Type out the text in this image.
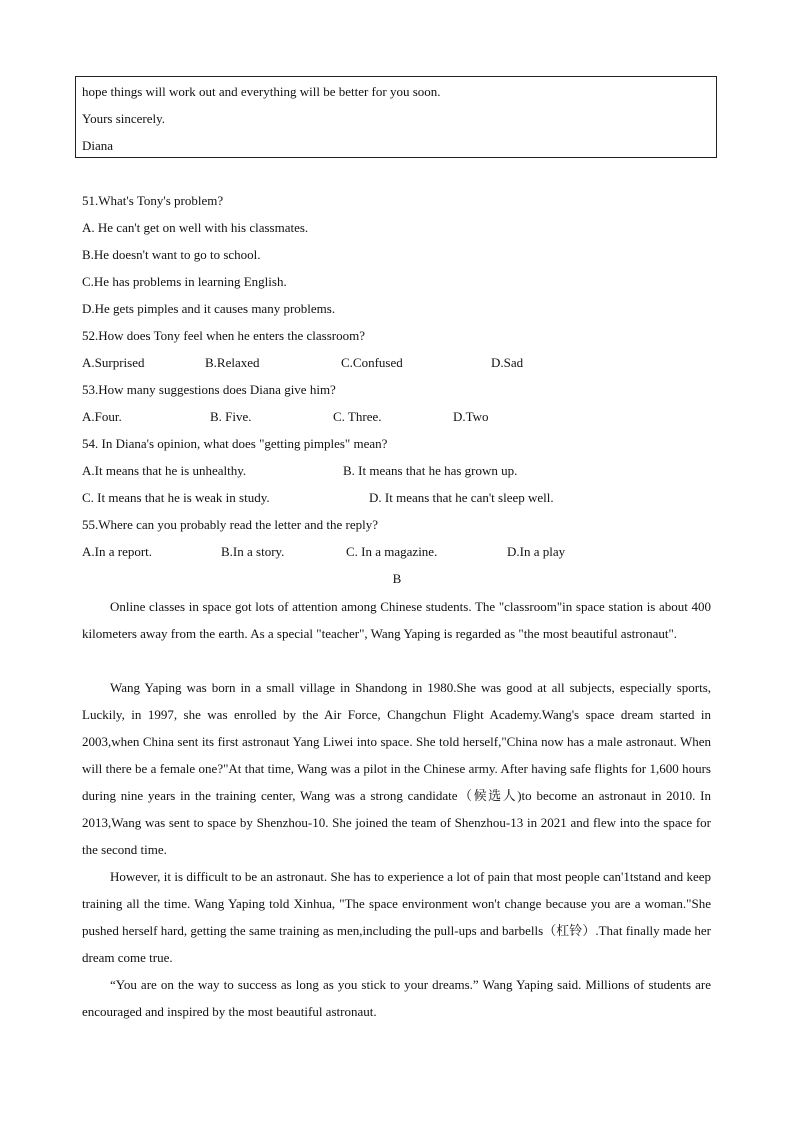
hope things will work out and everything will be better for you soon.
Yours sincerely.
Diana
51.What's Tony's problem?
A. He can't get on well with his classmates.
B.He doesn't want to go to school.
C.He has problems in learning English.
D.He gets pimples and it causes many problems.
52.How does Tony feel when he enters the classroom?
A.Surprised	B.Relaxed	C.Confused	D.Sad
53.How many suggestions does Diana give him?
A.Four.	B. Five.	C. Three.	D.Two
54. In Diana's opinion, what does "getting pimples" mean?
A.It means that he is unhealthy.	B. It means that he has grown up.
C. It means that he is weak in study.	D. It means that he can't sleep well.
55.Where can you probably read the letter and the reply?
A.In a report.	B.In a story.	C. In a magazine.	D.In a play
B
Online classes in space got lots of attention among Chinese students. The "classroom"in space station is about 400 kilometers away from the earth. As a special "teacher", Wang Yaping is regarded as "the most beautiful astronaut".
Wang Yaping was born in a small village in Shandong in 1980.She was good at all subjects, especially sports, Luckily, in 1997, she was enrolled by the Air Force, Changchun Flight Academy.Wang's space dream started in 2003,when China sent its first astronaut Yang Liwei into space. She told herself,"China now has a male astronaut. When will there be a female one?"At that time, Wang was a pilot in the Chinese army. After having safe flights for 1,600 hours during nine years in the training center, Wang was a strong candidate（候选人)to become an astronaut in 2010. In 2013,Wang was sent to space by Shenzhou-10. She joined the team of Shenzhou-13 in 2021 and flew into the space for the second time.
However, it is difficult to be an astronaut. She has to experience a lot of pain that most people can'1tstand and keep training all the time. Wang Yaping told Xinhua, "The space environment won't change because you are a woman."She pushed herself hard, getting the same training as men,including the pull-ups and barbells（杠铃）.That finally made her dream come true.
“You are on the way to success as long as you stick to your dreams.” Wang Yaping said. Millions of students are encouraged and inspired by the most beautiful astronaut.
